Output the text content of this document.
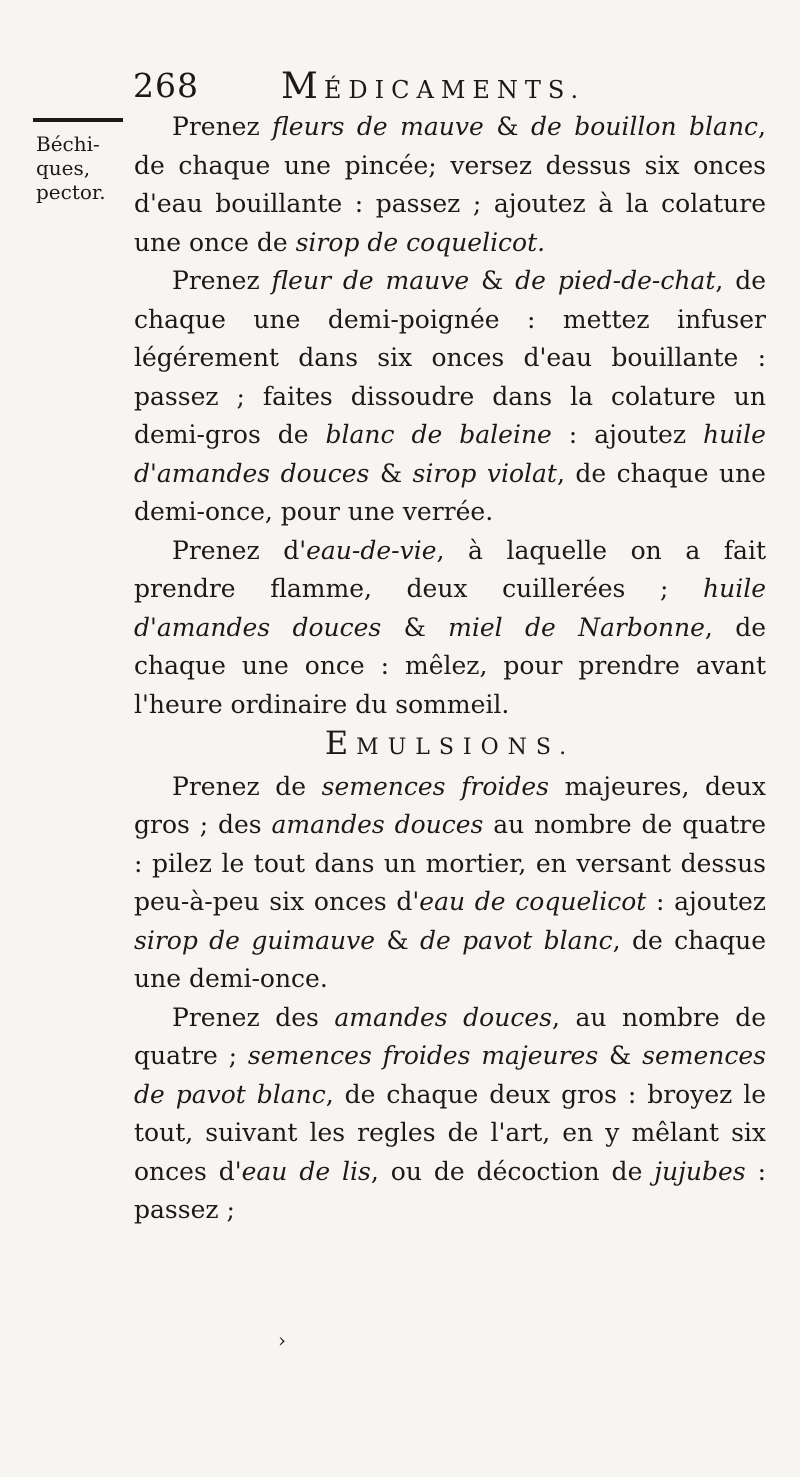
268 MÉDICAMENTS.
Béchi-
ques,
pector.

Prenez fleurs de mauve & de bouillon blanc, de chaque une pincée; versez dessus six onces d'eau bouillante : passez ; ajoutez à la colature une once de sirop de coquelicot.

Prenez fleur de mauve & de pied-de-chat, de chaque une demi-poignée : mettez infuser légérement dans six onces d'eau bouillante : passez ; faites dissoudre dans la colature un demi-gros de blanc de baleine : ajoutez huile d'amandes douces & sirop violat, de chaque une demi-once, pour une verrée.

Prenez d'eau-de-vie, à laquelle on a fait prendre flamme, deux cuillerées ; huile d'amandes douces & miel de Narbonne, de chaque une once : mêlez, pour prendre avant l'heure ordinaire du sommeil.

EMULSIONS.

Prenez de semences froides majeures, deux gros ; des amandes douces au nombre de quatre : pilez le tout dans un mortier, en versant dessus peu-à-peu six onces d'eau de coquelicot : ajoutez sirop de guimauve & de pavot blanc, de chaque une demi-once.

Prenez des amandes douces, au nombre de quatre ; semences froides majeures & semences de pavot blanc, de chaque deux gros : broyez le tout, suivant les regles de l'art, en y mêlant six onces d'eau de lis, ou de décoction de jujubes : passez ;

›
